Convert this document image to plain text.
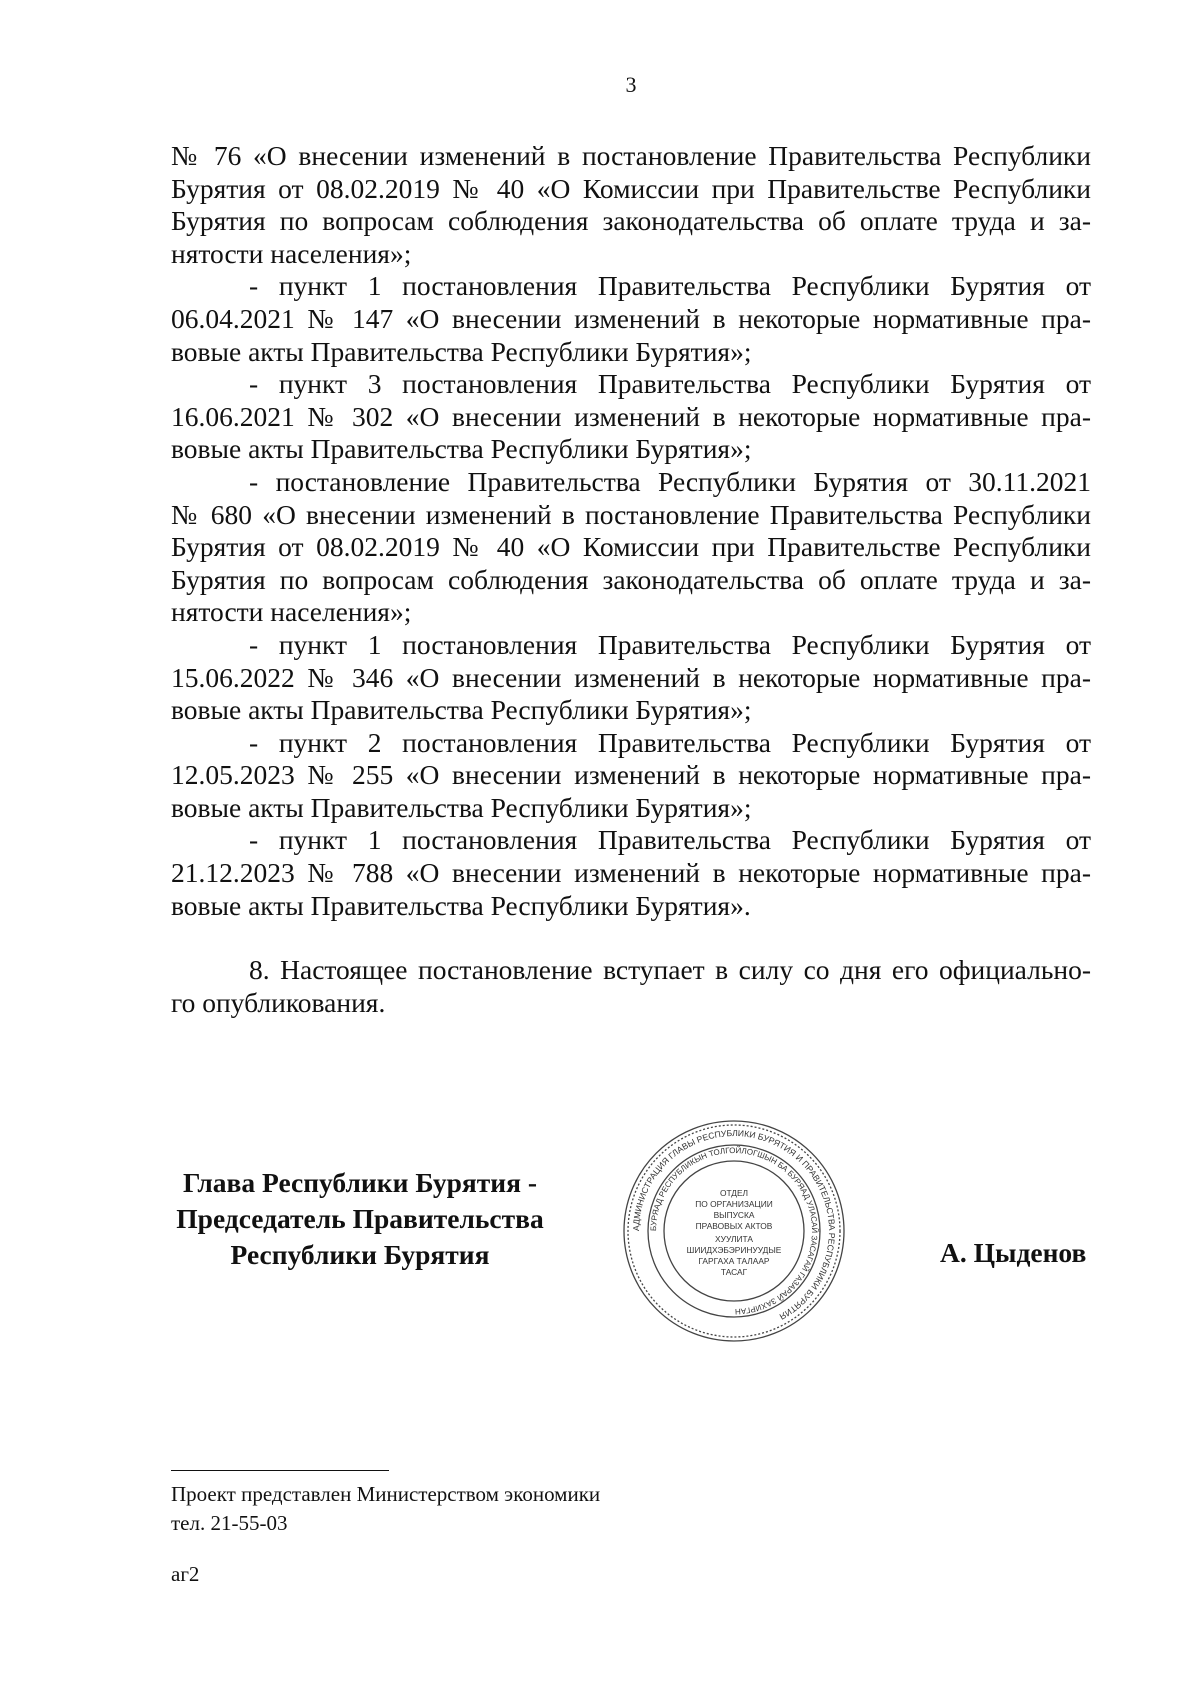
3
№ 76 «О внесении изменений в постановление Правительства Республики
Бурятия от 08.02.2019 № 40 «О Комиссии при Правительстве Республики
Бурятия по вопросам соблюдения законодательства об оплате труда и за-
нятости населения»;
- пункт 1 постановления Правительства Республики Бурятия от
06.04.2021 № 147 «О внесении изменений в некоторые нормативные пра-
вовые акты Правительства Республики Бурятия»;
- пункт 3 постановления Правительства Республики Бурятия от
16.06.2021 № 302 «О внесении изменений в некоторые нормативные пра-
вовые акты Правительства Республики Бурятия»;
- постановление Правительства Республики Бурятия от 30.11.2021
№ 680 «О внесении изменений в постановление Правительства Республики
Бурятия от 08.02.2019 № 40 «О Комиссии при Правительстве Республики
Бурятия по вопросам соблюдения законодательства об оплате труда и за-
нятости населения»;
- пункт 1 постановления Правительства Республики Бурятия от
15.06.2022 № 346 «О внесении изменений в некоторые нормативные пра-
вовые акты Правительства Республики Бурятия»;
- пункт 2 постановления Правительства Республики Бурятия от
12.05.2023 № 255 «О внесении изменений в некоторые нормативные пра-
вовые акты Правительства Республики Бурятия»;
- пункт 1 постановления Правительства Республики Бурятия от
21.12.2023 № 788 «О внесении изменений в некоторые нормативные пра-
вовые акты Правительства Республики Бурятия».
8. Настоящее постановление вступает в силу со дня его официально-
го опубликования.
Глава Республики Бурятия -
Председатель Правительства
Республики Бурятия
АДМИНИСТРАЦИЯ ГЛАВЫ РЕСПУБЛИКИ БУРЯТИЯ И ПРАВИТЕЛЬСТВА РЕСПУБЛИКИ БУРЯТИЯ
БУРЯАД РЕСПУБЛИКЫН ТОЛГОЙЛОГШЫН БА БУРЯАД УЛАСАЙ ЗАСАГАЙ ГАЗАРАЙ ЗАХИРГАН
ОТДЕЛ
ПО ОРГАНИЗАЦИИ
ВЫПУСКА
ПРАВОВЫХ АКТОВ
ХУУЛИТА
ШИИДХЭБЭРИНУУДЫЕ
ГАРГАХА ТАЛААР
ТАСАГ
А. Цыденов
Проект представлен Министерством экономики
тел. 21-55-03
аг2
